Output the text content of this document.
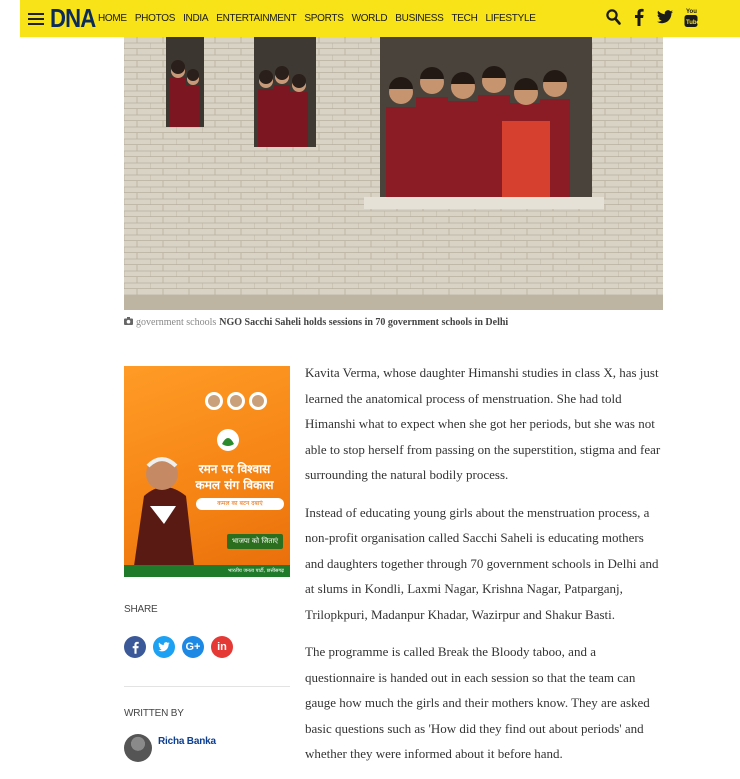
DNA HOME PHOTOS INDIA ENTERTAINMENT SPORTS WORLD BUSINESS TECH LIFESTYLE
You
Tube
government schools NGO Sacchi Saheli holds sessions in 70 government schools in Delhi
रमन पर विश्वास
कमल संग विकास
कमल का बटन दबाएं
भाजपा को जिताएं
भारतीय जनता पार्टी, छत्तीसगढ़
SHARE
G+	in
WRITTEN BY
Richa Banka

Kavita Verma, whose daughter Himanshi studies in class X, has just learned the anatomical process of menstruation. She had told Himanshi what to expect when she got her periods, but she was not able to stop herself from passing on the superstition, stigma and fear surrounding the natural bodily process.

Instead of educating young girls about the menstruation process, a non-profit organisation called Sacchi Saheli is educating mothers and daughters together through 70 government schools in Delhi and at slums in Kondli, Laxmi Nagar, Krishna Nagar, Patparganj, Trilopkpuri, Madanpur Khadar, Wazirpur and Shakur Basti.

The programme is called Break the Bloody taboo, and a questionnaire is handed out in each session so that the team can gauge how much the girls and their mothers know. They are asked basic questions such as 'How did they find out about periods' and whether they were informed about it before hand.
